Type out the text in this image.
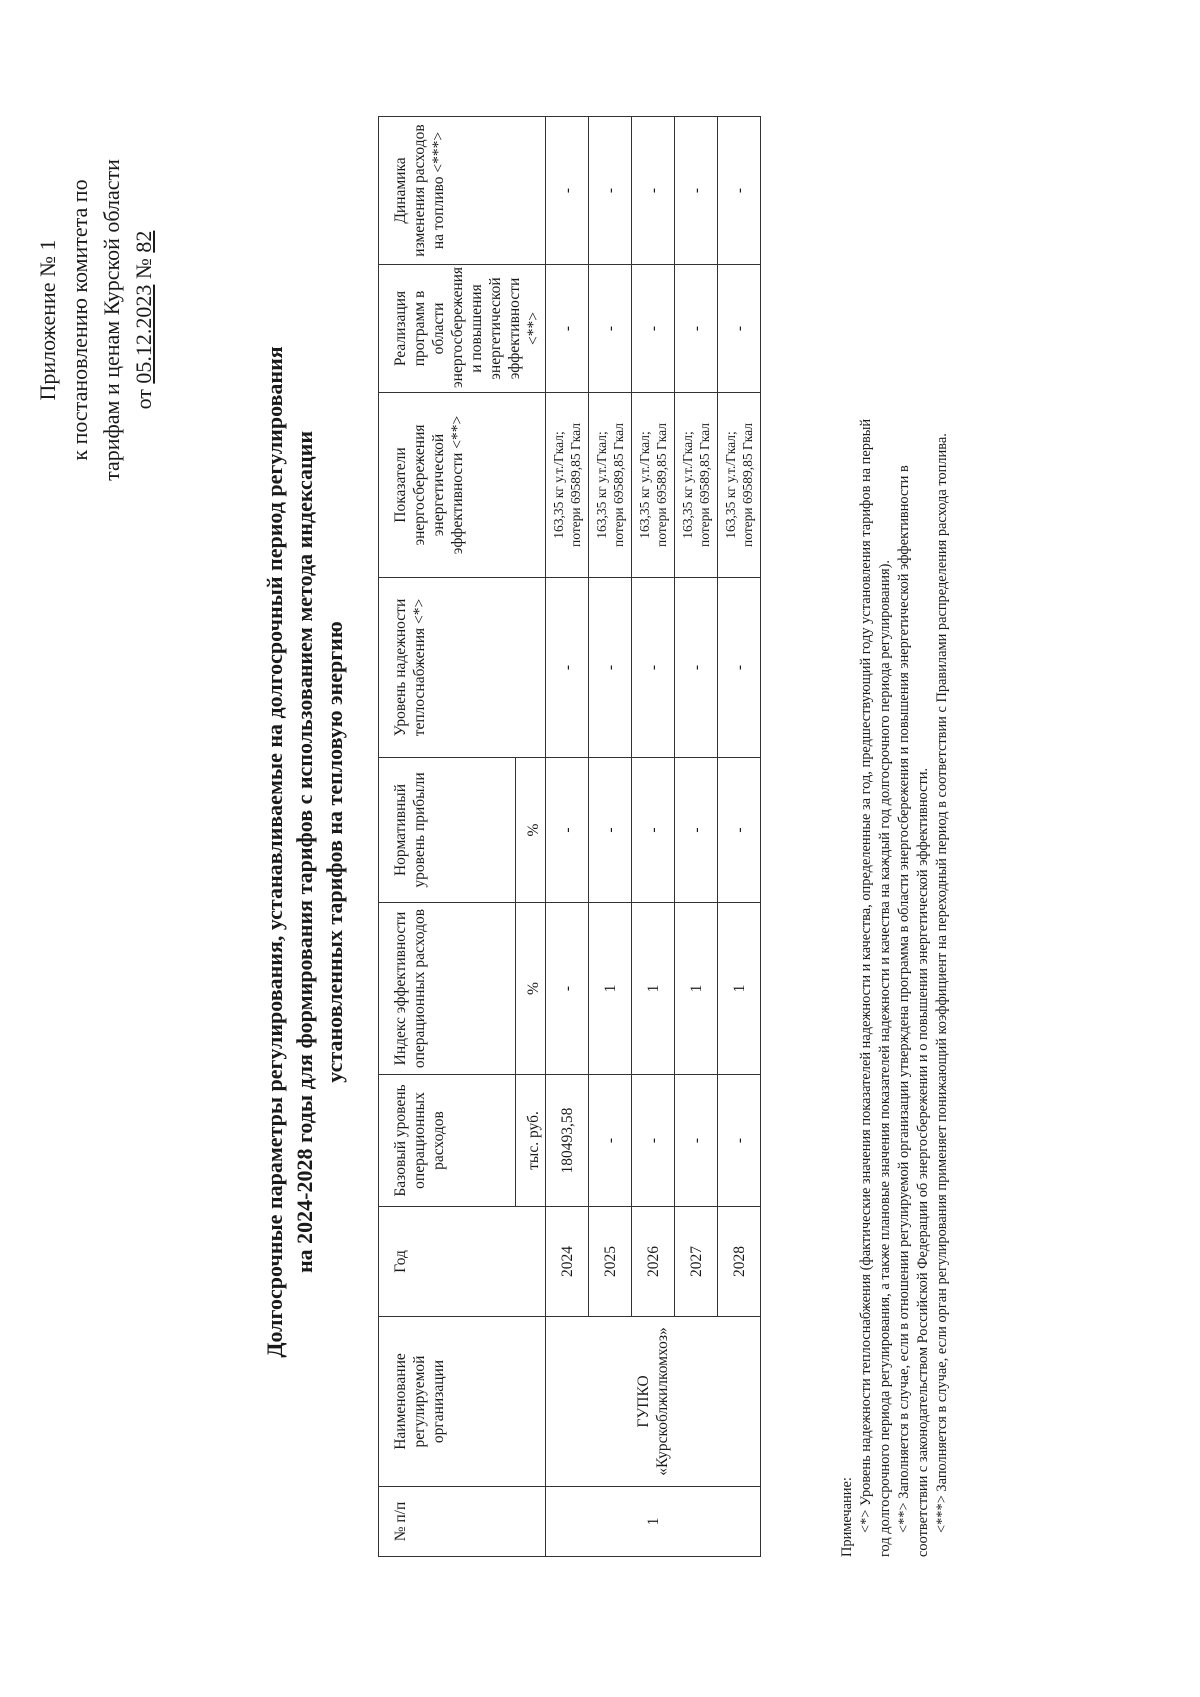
Приложение № 1 к постановлению комитета по тарифам и ценам Курской области от 05.12.2023 № 82
Долгосрочные параметры регулирования, устанавливаемые на долгосрочный период регулирования на 2024-2028 годы для формирования тарифов с использованием метода индексации установленных тарифов на тепловую энергию
№ п/п	Наименование регулируемой организации	Год	Базовый уровень операционных расходов	Индекс эффективности операционных расходов	Нормативный уровень прибыли	Уровень надежности теплоснабжения <*>	Показатели энергосбережения энергетической эффективности <**>	Реализация программ в области энергосбережения и повышения энергетической эффективности <**>	Динамика изменения расходов на топливо <***>
			тыс. руб.	%	%				
1	ГУПКО «Курскоблжилкомхоз»	2024	180493,58	-	-	-	163,35 кг у.т./Гкал; потери 69589,85 Гкал	-	-
		2025	-	1	-	-	163,35 кг у.т./Гкал; потери 69589,85 Гкал	-	-
		2026	-	1	-	-	163,35 кг у.т./Гкал; потери 69589,85 Гкал	-	-
		2027	-	1	-	-	163,35 кг у.т./Гкал; потери 69589,85 Гкал	-	-
		2028	-	1	-	-	163,35 кг у.т./Гкал; потери 69589,85 Гкал	-	-

Примечание: <*> Уровень надежности теплоснабжения (фактические значения показателей надежности и качества, определенные за год, предшествующий году установления тарифов на первый год долгосрочного периода регулирования, а также плановые значения показателей надежности и качества на каждый год долгосрочного периода регулирования). <**> Заполняется в случае, если в отношении регулируемой организации утверждена программа в области энергосбережения и повышения энергетической эффективности в соответствии с законодательством Российской Федерации об энергосбережении и о повышении энергетической эффективности. <***> Заполняется в случае, если орган регулирования применяет понижающий коэффициент на переходный период в соответствии с Правилами распределения расхода топлива.
